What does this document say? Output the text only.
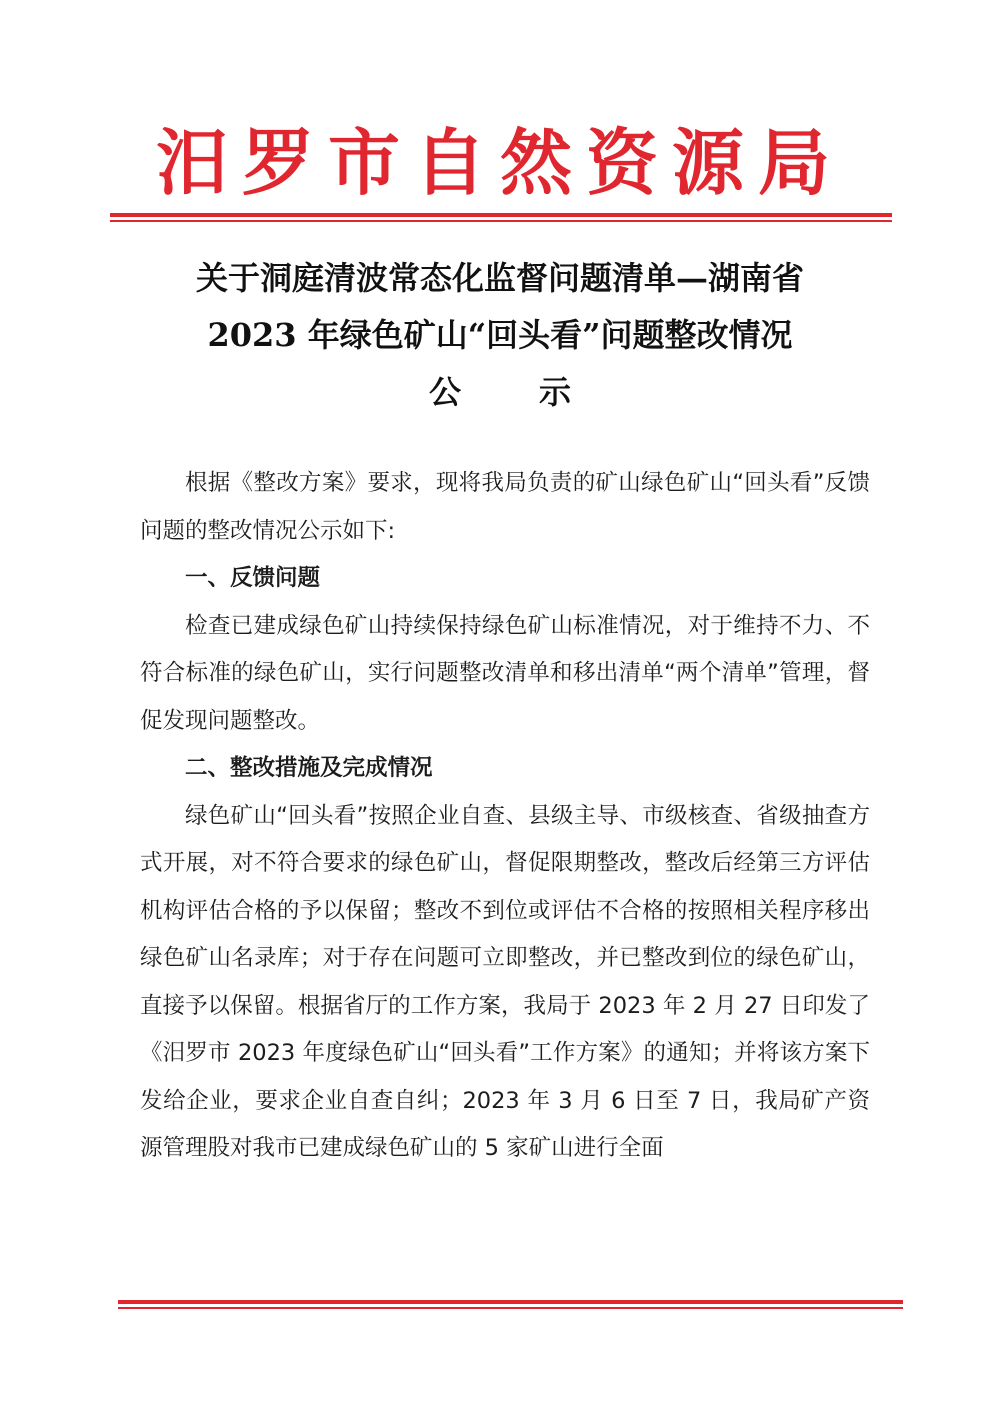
汨罗市自然资源局
关于洞庭清波常态化监督问题清单—湖南省
2023 年绿色矿山“回头看”问题整改情况
公示

根据《整改方案》要求，现将我局负责的矿山绿色矿山“回头看”反馈问题的整改情况公示如下:

一、反馈问题

检查已建成绿色矿山持续保持绿色矿山标准情况，对于维持不力、不符合标准的绿色矿山，实行问题整改清单和移出清单“两个清单”管理，督促发现问题整改。

二、整改措施及完成情况

绿色矿山“回头看”按照企业自查、县级主导、市级核查、省级抽查方式开展，对不符合要求的绿色矿山，督促限期整改，整改后经第三方评估机构评估合格的予以保留；整改不到位或评估不合格的按照相关程序移出绿色矿山名录库；对于存在问题可立即整改，并已整改到位的绿色矿山，直接予以保留。根据省厅的工作方案，我局于 2023 年 2 月 27 日印发了《汨罗市 2023 年度绿色矿山“回头看”工作方案》的通知；并将该方案下发给企业，要求企业自查自纠；2023 年 3 月 6 日至 7 日，我局矿产资源管理股对我市已建成绿色矿山的 5 家矿山进行全面
